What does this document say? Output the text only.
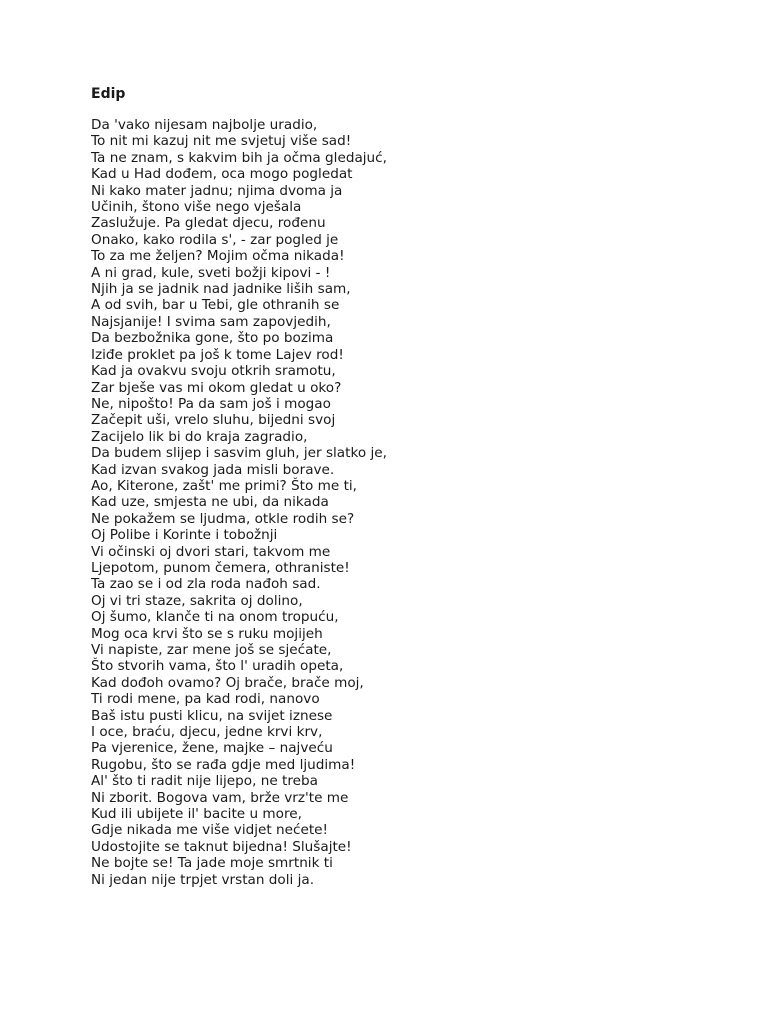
Edip
Da 'vako nijesam najbolje uradio,
To nit mi kazuj nit me svjetuj više sad!
Ta ne znam, s kakvim bih ja očma gledajuć,
Kad u Had dođem, oca mogo pogledat
Ni kako mater jadnu; njima dvoma ja
Učinih, štono više nego vješala
Zaslužuje. Pa gledat djecu, rođenu
Onako, kako rodila s', - zar pogled je
To za me željen? Mojim očma nikada!
A ni grad, kule, sveti božji kipovi - !
Njih ja se jadnik nad jadnike liših sam,
A od svih, bar u Tebi, gle othranih se
Najsjanije! I svima sam zapovjedih,
Da bezbožnika gone, što po bozima
Iziđe proklet pa još k tome Lajev rod!
Kad ja ovakvu svoju otkrih sramotu,
Zar bješe vas mi okom gledat u oko?
Ne, nipošto! Pa da sam još i mogao
Začepit uši, vrelo sluhu, bijedni svoj
Zacijelo lik bi do kraja zagradio,
Da budem slijep i sasvim gluh, jer slatko je,
Kad izvan svakog jada misli borave.
Ao, Kiterone, zašt' me primi? Što me ti,
Kad uze, smjesta ne ubi, da nikada
Ne pokažem se ljudma, otkle rodih se?
Oj Polibe i Korinte i tobožnji
Vi očinski oj dvori stari, takvom me
Ljepotom, punom čemera, othraniste!
Ta zao se i od zla roda nađoh sad.
Oj vi tri staze, sakrita oj dolino,
Oj šumo, klanče ti na onom tropuću,
Mog oca krvi što se s ruku mojijeh
Vi napiste, zar mene još se sjećate,
Što stvorih vama, što l' uradih opeta,
Kad dođoh ovamo? Oj brače, brače moj,
Ti rodi mene, pa kad rodi, nanovo
Baš istu pusti klicu, na svijet iznese
I oce, braću, djecu, jedne krvi krv,
Pa vjerenice, žene, majke – najveću
Rugobu, što se rađa gdje med ljudima!
Al' što ti radit nije lijepo, ne treba
Ni zborit. Bogova vam, brže vrz'te me
Kud ili ubijete il' bacite u more,
Gdje nikada me više vidjet nećete!
Udostojite se taknut bijedna! Slušajte!
Ne bojte se! Ta jade moje smrtnik ti
Ni jedan nije trpjet vrstan doli ja.
